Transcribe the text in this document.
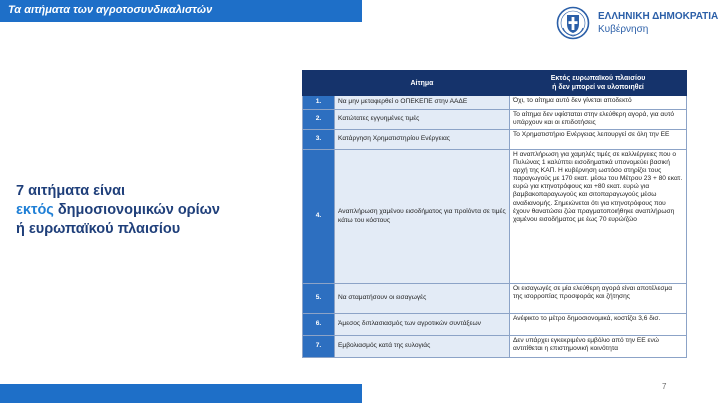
Τα αιτήματα των αγροτοσυνδικαλιστών
ΕΛΛΗΝΙΚΗ ΔΗΜΟΚΡΑΤΙΑ
Κυβέρνηση
7 αιτήματα είναι
εκτός δημοσιονομικών ορίων
ή ευρωπαϊκού πλαισίου
	Αίτημα	Εκτός ευρωπαϊκού πλαισίου
ή δεν μπορεί να υλοποιηθεί

1.	Να μην μεταφερθεί ο ΟΠΕΚΕΠΕ στην ΑΑΔΕ	Όχι, το αίτημα αυτό δεν γίνεται αποδεκτό
2.	Κατώτατες εγγυημένες τιμές	Το αίτημα δεν υφίσταται στην ελεύθερη αγορά, για αυτό υπάρχουν και οι επιδοτήσεις
3.	Κατάργηση Χρηματιστηρίου Ενέργειας	Το Χρηματιστήριο Ενέργειας λειτουργεί σε όλη την ΕΕ
4.	Αναπλήρωση χαμένου εισοδήματος για προϊόντα σε τιμές κάτω του κόστους	Η αναπλήρωση για χαμηλές τιμές σε καλλιέργειες που ο Πυλώνας 1 καλύπτει εισοδηματικά υπονομεύει βασική αρχή της ΚΑΠ. Η κυβέρνηση ωστόσο στηρίζει τους παραγωγούς με 170 εκατ. μέσω του Μέτρου 23 + 80 εκατ. ευρώ για κτηνοτρόφους και +80 εκατ. ευρώ για βαμβακοπαραγωγούς και σιτοπαραγωγούς μέσω αναδιανομής. Σημειώνεται ότι για κτηνοτρόφους που έχουν θανατώσει ζώα πραγματοποιήθηκε αναπλήρωση χαμένου εισοδήματος με έως 70 ευρώ/ζώο
5.	Να σταματήσουν οι εισαγωγές	Οι εισαγωγές σε μία ελεύθερη αγορά είναι αποτέλεσμα της ισορροπίας προσφοράς και ζήτησης
6.	Άμεσος διπλασιασμός των αγροτικών συντάξεων	Ανέφικτο το μέτρο δημοσιονομικά, κοστίζει 3,6 δισ.
7.	Εμβολιασμός κατά της ευλογιάς	Δεν υπάρχει εγκεκριμένο εμβόλιο από την ΕΕ ενώ αντιτίθεται η επιστημονική κοινότητα
7
